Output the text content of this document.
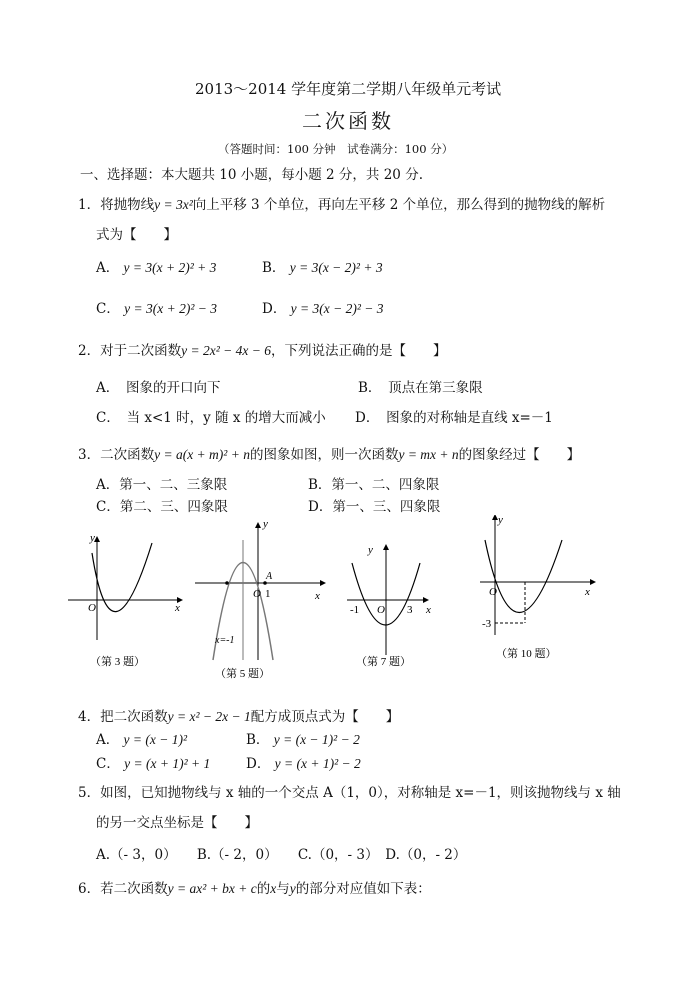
2013～2014 学年度第二学期八年级单元考试
二次函数
（答题时间：100 分钟　试卷满分：100 分）
一、选择题：本大题共 10 小题，每小题 2 分，共 20 分.
1．将抛物线y = 3x²向上平移 3 个单位，再向左平移 2 个单位，那么得到的抛物线的解析
式为【　　】
A． y = 3(x + 2)² + 3	B． y = 3(x − 2)² + 3
C． y = 3(x + 2)² − 3	D． y = 3(x − 2)² − 3
2．对于二次函数y = 2x² − 4x − 6，下列说法正确的是【　　】
A．　图象的开口向下	B．　顶点在第三象限
C．　当 x<1 时，y 随 x 的增大而减小 D．　图象的对称轴是直线 x=－1
3．二次函数y = a(x + m)² + n的图象如图，则一次函数y = mx + n的图象经过【　　】
A．第一、二、三象限	B．第一、二、四象限
C．第二、三、四象限	D．第一、三、四象限
y
O	x
（第 3 题）
y
A
O 1	x
x=-1
（第 5 题）
y
-1 O 3 x
（第 7 题）
y
O
-3
x
（第 10 题）
4．把二次函数y = x² − 2x − 1配方成顶点式为【　　】
A． y = (x − 1)²	B． y = (x − 1)² − 2
C． y = (x + 1)² + 1	D． y = (x + 1)² − 2
5．如图，已知抛物线与 x 轴的一个交点 A（1，0），对称轴是 x=－1，则该抛物线与 x 轴
的另一交点坐标是【　　】
A.（- 3，0）　　B.（- 2，0）　　C.（0，- 3）　D.（0，- 2）
6．若二次函数y = ax² + bx + c的x与y的部分对应值如下表：
